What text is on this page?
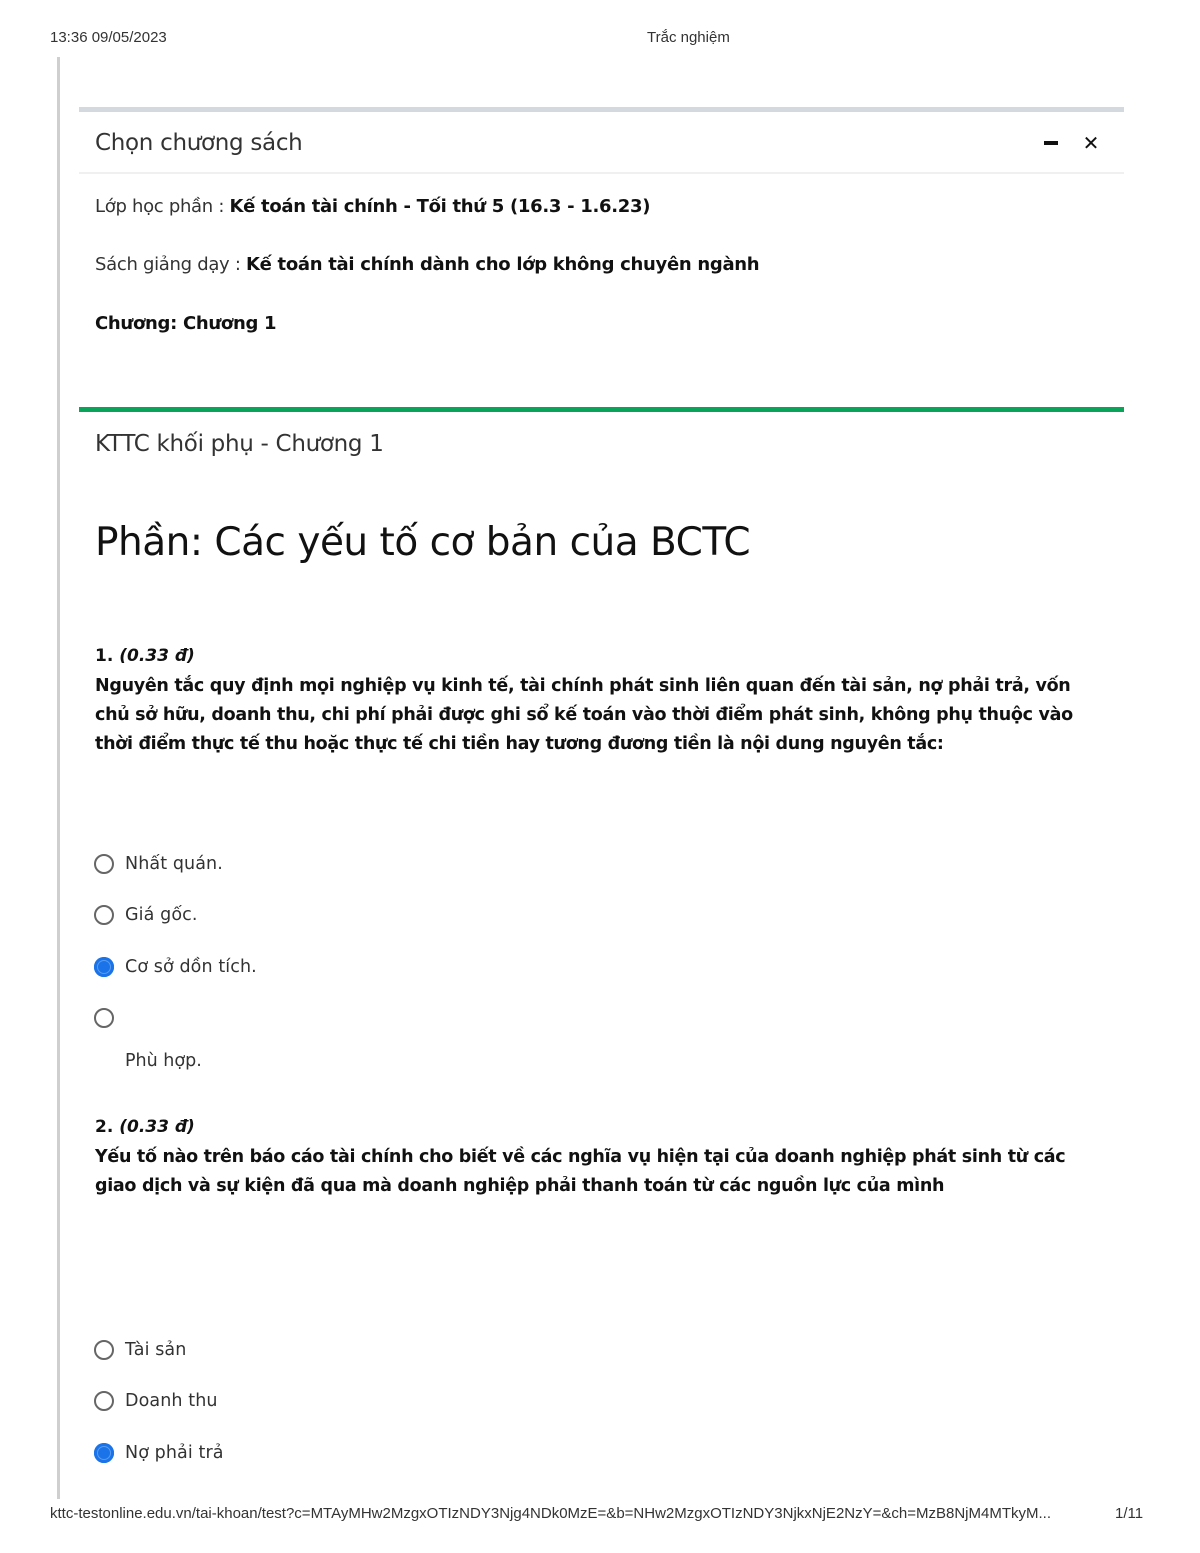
13:36 09/05/2023	Trắc nghiệm
Chọn chương sách	✕
Lớp học phần : Kế toán tài chính - Tối thứ 5 (16.3 - 1.6.23)
Sách giảng dạy : Kế toán tài chính dành cho lớp không chuyên ngành
Chương: Chương 1
KTTC khối phụ - Chương 1
Phần: Các yếu tố cơ bản của BCTC
1. (0.33 đ)
Nguyên tắc quy định mọi nghiệp vụ kinh tế, tài chính phát sinh liên quan đến tài sản, nợ phải trả, vốn chủ sở hữu, doanh thu, chi phí phải được ghi sổ kế toán vào thời điểm phát sinh, không phụ thuộc vào thời điểm thực tế thu hoặc thực tế chi tiền hay tương đương tiền là nội dung nguyên tắc:
Nhất quán.
Giá gốc.
Cơ sở dồn tích.
Phù hợp.
2. (0.33 đ)
Yếu tố nào trên báo cáo tài chính cho biết về các nghĩa vụ hiện tại của doanh nghiệp phát sinh từ các giao dịch và sự kiện đã qua mà doanh nghiệp phải thanh toán từ các nguồn lực của mình
Tài sản
Doanh thu
Nợ phải trả
kttc-testonline.edu.vn/tai-khoan/test?c=MTAyMHw2MzgxOTIzNDY3Njg4NDk0MzE=&b=NHw2MzgxOTIzNDY3NjkxNjE2NzY=&ch=MzB8NjM4MTkyM...	1/11
